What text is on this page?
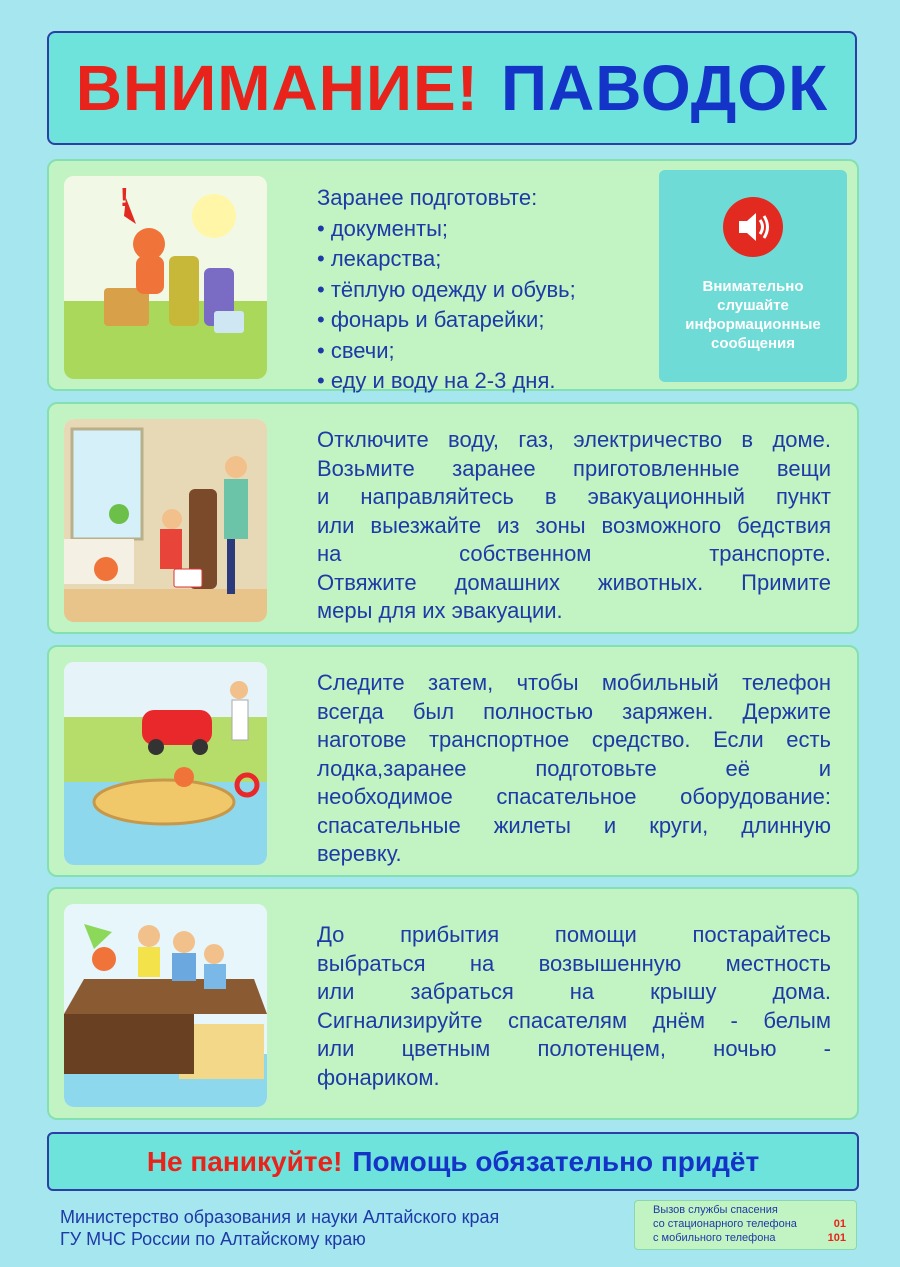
ВНИМАНИЕ! ПАВОДОК
!	Заранее подготовьте:
• документы;
• лекарства;
• тёплую одежду и обувь;
• фонарь и батарейки;
• свечи;
• еду и воду на 2-3 дня.
Внимательно
слушайте
информационные
сообщения
Отключите воду, газ, электричество в доме.
Возьмите заранее приготовленные вещи
и направляйтесь в эвакуационный пункт
или выезжайте из зоны возможного бедствия
на собственном транспорте.
Отвяжите домашних животных. Примите
меры для их эвакуации.
Следите затем, чтобы мобильный телефон
всегда был полностью заряжен. Держите
наготове транспортное средство. Если есть
лодка,заранее подготовьте её и
необходимое спасательное оборудование:
спасательные жилеты и круги, длинную
веревку.
До прибытия помощи постарайтесь
выбраться на возвышенную местность
или забраться на крышу дома.
Сигнализируйте спасателям днём - белым
или цветным полотенцем, ночью -
фонариком.
Не паникуйте! Помощь обязательно придёт
Министерство образования и науки Алтайского края
ГУ МЧС России по Алтайскому краю
Вызов службы спасения
со стационарного телефона	01
с мобильного телефона	101
